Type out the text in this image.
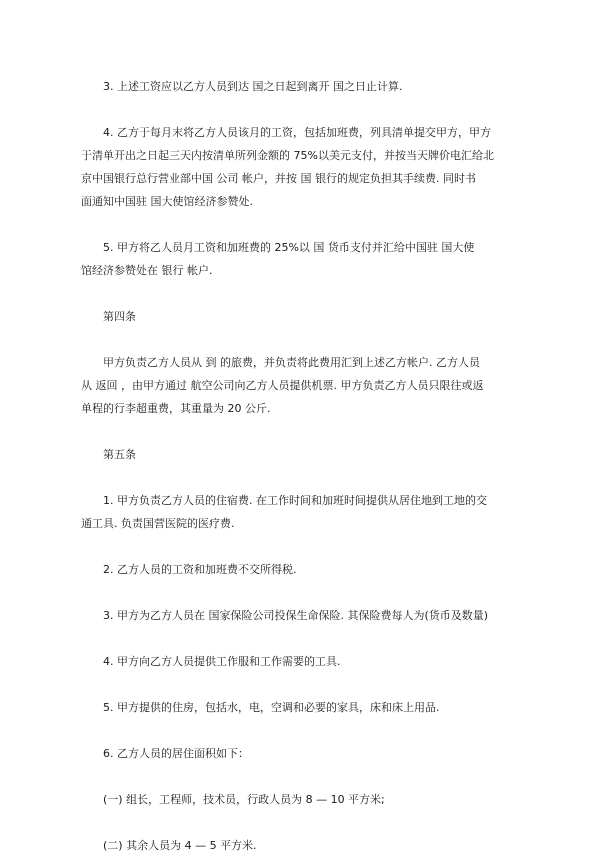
3. 上述工资应以乙方人员到达 国之日起到离开 国之日止计算.

4. 乙方于每月末将乙方人员该月的工资，包括加班费，列具清单提交甲方，甲方
于清单开出之日起三天内按清单所列金额的 75%以美元支付，并按当天牌价电汇给北
京中国银行总行营业部中国 公司 帐户，并按 国 银行的规定负担其手续费. 同时书
面通知中国驻 国大使馆经济参赞处.

5. 甲方将乙人员月工资和加班费的 25%以 国 货币支付并汇给中国驻 国大使
馆经济参赞处在 银行 帐户.

第四条

甲方负责乙方人员从 到 的旅费，并负责将此费用汇到上述乙方帐户. 乙方人员
从 返回 ，由甲方通过 航空公司向乙方人员提供机票. 甲方负责乙方人员只限往或返
单程的行李超重费，其重量为 20 公斤.

第五条

1. 甲方负责乙方人员的住宿费. 在工作时间和加班时间提供从居住地到工地的交
通工具. 负责国营医院的医疗费.

2. 乙方人员的工资和加班费不交所得税.

3. 甲方为乙方人员在 国家保险公司投保生命保险. 其保险费每人为(货币及数量)

4. 甲方向乙方人员提供工作服和工作需要的工具.

5. 甲方提供的住房，包括水，电，空调和必要的家具，床和床上用品.

6. 乙方人员的居住面积如下：

(一) 组长，工程师，技术员，行政人员为 8 — 10 平方米;

(二) 其余人员为 4 — 5 平方米.
